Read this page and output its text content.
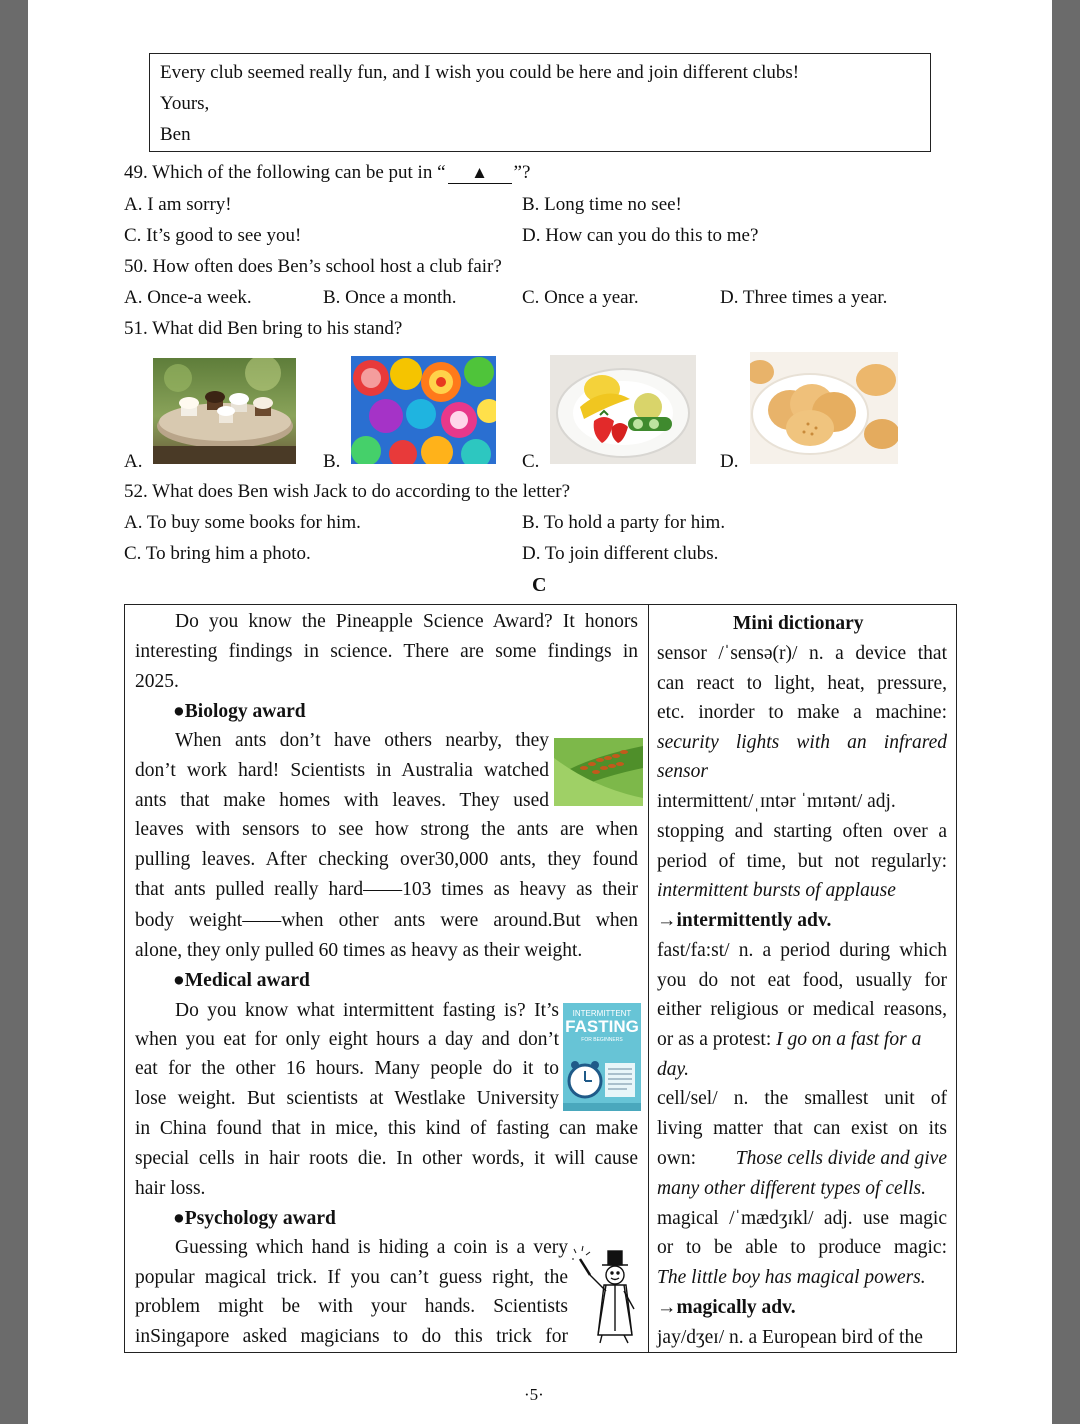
Every club seemed really fun, and I wish you could be here and join different clubs!
Yours,
Ben
49. Which of the following can be put in “ ▲ ”?
A. I am sorry!	B. Long time no see!
C. It’s good to see you!	D. How can you do this to me?
50. How often does Ben’s school host a club fair?
A. Once-a week.	B. Once a month.	C. Once a year.	D. Three times a year.
51. What did Ben bring to his stand?
A.	B.	C.	D.
52. What does Ben wish Jack to do according to the letter?
A. To buy some books for him.	B. To hold a party for him.
C. To bring him a photo.	D. To join different clubs.
C
Do you know the Pineapple Science Award? It honors
interesting findings in science. There are some findings in
2025.
●Biology award
When ants don’t have others nearby, they
don’t work hard! Scientists in Australia watched
ants that make homes with leaves. They used
leaves with sensors to see how strong the ants are when
pulling leaves. After checking over30,000 ants, they found
that ants pulled really hard——103 times as heavy as their
body weight——when other ants were around.But when
alone, they only pulled 60 times as heavy as their weight.
●Medical award
Do you know what intermittent fasting is? It’s
when you eat for only eight hours a day and don’t
eat for the other 16 hours. Many people do it to
lose weight. But scientists at Westlake University
in China found that in mice, this kind of fasting can make
special cells in hair roots die. In other words, it will cause
hair loss.
INTERMITTENT
FASTING
FOR BEGINNERS
●Psychology award
Guessing which hand is hiding a coin is a very
popular magical trick. If you can’t guess right, the
problem might be with your hands. Scientists
inSingapore asked magicians to do this trick for
Mini dictionary
sensor /ˈsensə(r)/ n. a device that
can react to light, heat, pressure,
etc. inorder to make a machine:
security lights with an infrared
sensor
intermittent/ˌɪntər ˈmɪtənt/ adj.
stopping and starting often over a
period of time, but not regularly:
intermittent bursts of applause
→intermittently adv.
fast/fa:st/ n. a period during which
you do not eat food, usually for
either religious or medical reasons,
or as a protest: I go on a fast for a
day.
cell/sel/ n. the smallest unit of
living matter that can exist on its
own: Those cells divide and give
many other different types of cells.
magical /ˈmædʒɪkl/ adj. use magic
or to be able to produce magic:
The little boy has magical powers.
→magically adv.
jay/dʒeɪ/ n. a European bird of the
·5·
